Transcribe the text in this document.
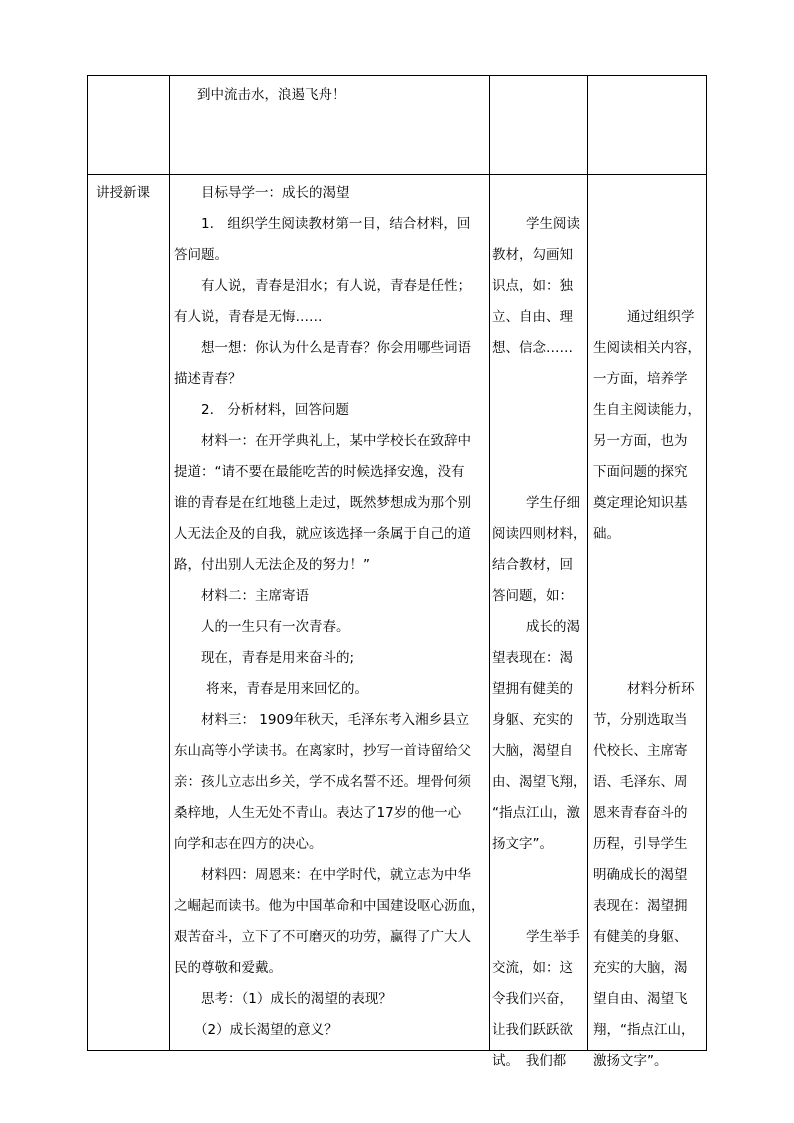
到中流击水，浪遏飞舟！

讲授新课	目标导学一：成长的渴望

1.　组织学生阅读教材第一目，结合材料，回

答问题。

有人说，青春是泪水；有人说，青春是任性；

有人说，青春是无悔……

想一想：你认为什么是青春？你会用哪些词语

描述青春？

2.　分析材料，回答问题

材料一：在开学典礼上，某中学校长在致辞中

提道：“请不要在最能吃苦的时候选择安逸，没有

谁的青春是在红地毯上走过，既然梦想成为那个别

人无法企及的自我，就应该选择一条属于自己的道

路，付出别人无法企及的努力！”

材料二：主席寄语

人的一生只有一次青春。

现在，青春是用来奋斗的;

将来，青春是用来回忆的。

材料三： 1909年秋天，毛泽东考入湘乡县立

东山高等小学读书。在离家时，抄写一首诗留给父

亲：孩儿立志出乡关，学不成名誓不还。埋骨何须

桑梓地，人生无处不青山。表达了17岁的他一心

向学和志在四方的决心。

材料四：周恩来：在中学时代，就立志为中华

之崛起而读书。他为中国革命和中国建设呕心沥血，

艰苦奋斗，立下了不可磨灭的功劳，赢得了广大人

民的尊敬和爱戴。

思考：（1）成长的渴望的表现？

（2）成长渴望的意义？

学生阅读

教材，勾画知

识点，如：独

立、自由、理

想、信念……

学生仔细

阅读四则材料，

结合教材，回

答问题，如：

成长的渴

望表现在：渴

望拥有健美的

身躯、充实的

大脑，渴望自

由、渴望飞翔，

“指点江山，激

扬文字”。

学生举手

交流，如：这

令我们兴奋，

让我们跃跃欲

试。　我们都

通过组织学

生阅读相关内容，

一方面，培养学

生自主阅读能力，

另一方面，也为

下面问题的探究

奠定理论知识基

础。

材料分析环

节，分别选取当

代校长、主席寄

语、毛泽东、周

恩来青春奋斗的

历程，引导学生

明确成长的渴望

表现在：渴望拥

有健美的身躯、

充实的大脑，渴

望自由、渴望飞

翔，“指点江山，

激扬文字”。
